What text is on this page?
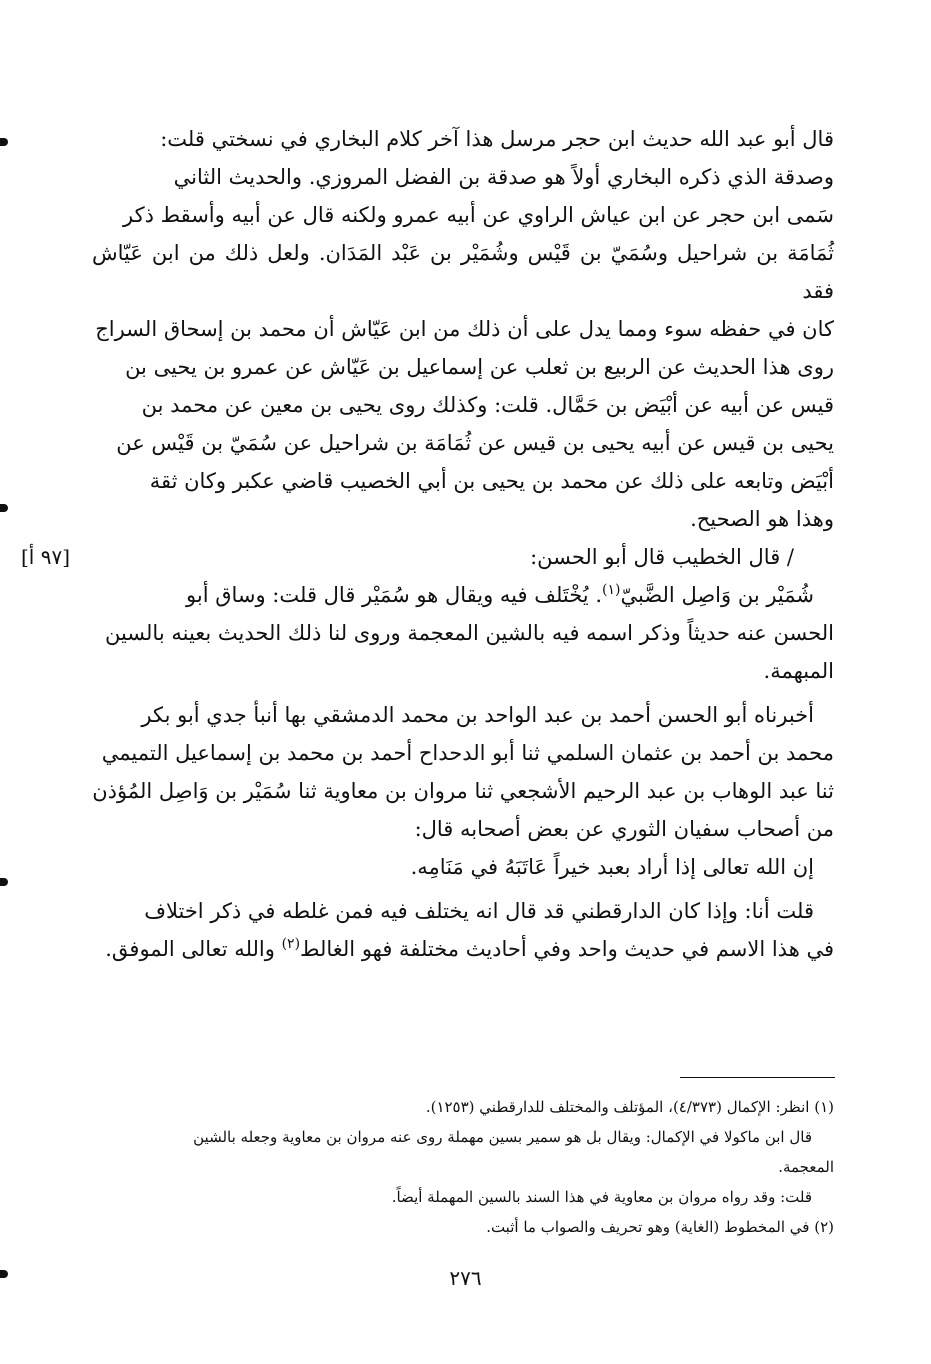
قال أبو عبد الله حديث ابن حجر مرسل هذا آخر كلام البخاري في نسختي قلت:

وصدقة الذي ذكره البخاري أولاً هو صدقة بن الفضل المروزي. والحديث الثاني

سَمى ابن حجر عن ابن عياش الراوي عن أبيه عمرو ولكنه قال عن أبيه وأسقط ذكر

ثُمَامَة بن شراحيل وسُمَيّ بن قَيْس وشُمَيْر بن عَبْد المَدَان. ولعل ذلك من ابن عَيّاش فقد

كان في حفظه سوء ومما يدل على أن ذلك من ابن عَيّاش أن محمد بن إسحاق السراج

روى هذا الحديث عن الربيع بن ثعلب عن إسماعيل بن عَيّاش عن عمرو بن يحيى بن

قيس عن أبيه عن أبْيَض بن حَمَّال. قلت: وكذلك روى يحيى بن معين عن محمد بن

يحيى بن قيس عن أبيه يحيى بن قيس عن ثُمَامَة بن شراحيل عن سُمَيّ بن قَيْس عن

أبْيَض وتابعه على ذلك عن محمد بن يحيى بن أبي الخصيب قاضي عكبر وكان ثقة

وهذا هو الصحيح.

/ قال الخطيب قال أبو الحسن:
[٩٧ أ]

شُمَيْر بن وَاصِل الضَّبيّ$^{(١)}$. يُخْتَلف فيه ويقال هو سُمَيْر قال قلت: وساق أبو

الحسن عنه حديثاً وذكر اسمه فيه بالشين المعجمة وروى لنا ذلك الحديث بعينه بالسين

المبهمة.

أخبرناه أبو الحسن أحمد بن عبد الواحد بن محمد الدمشقي بها أنبأ جدي أبو بكر

محمد بن أحمد بن عثمان السلمي ثنا أبو الدحداح أحمد بن محمد بن إسماعيل التميمي

ثنا عبد الوهاب بن عبد الرحيم الأشجعي ثنا مروان بن معاوية ثنا سُمَيْر بن وَاصِل المُؤذن

من أصحاب سفيان الثوري عن بعض أصحابه قال:

إن الله تعالى إذا أراد بعبد خيراً عَاتَبَهُ في مَنَامِه.

قلت أنا: وإذا كان الدارقطني قد قال انه يختلف فيه فمن غلطه في ذكر اختلاف

في هذا الاسم في حديث واحد وفي أحاديث مختلفة فهو الغالط$^{(٢)}$ والله تعالى الموفق.

(١) انظر: الإكمال (٤/٣٧٣)، المؤتلف والمختلف للدارقطني (١٢٥٣).

قال ابن ماكولا في الإكمال: ويقال بل هو سمير بسين مهملة روى عنه مروان بن معاوية وجعله بالشين

المعجمة.

قلت: وقد رواه مروان بن معاوية في هذا السند بالسين المهملة أيضاً.

(٢) في المخطوط (الغاية) وهو تحريف والصواب ما أثبت.

٢٧٦
